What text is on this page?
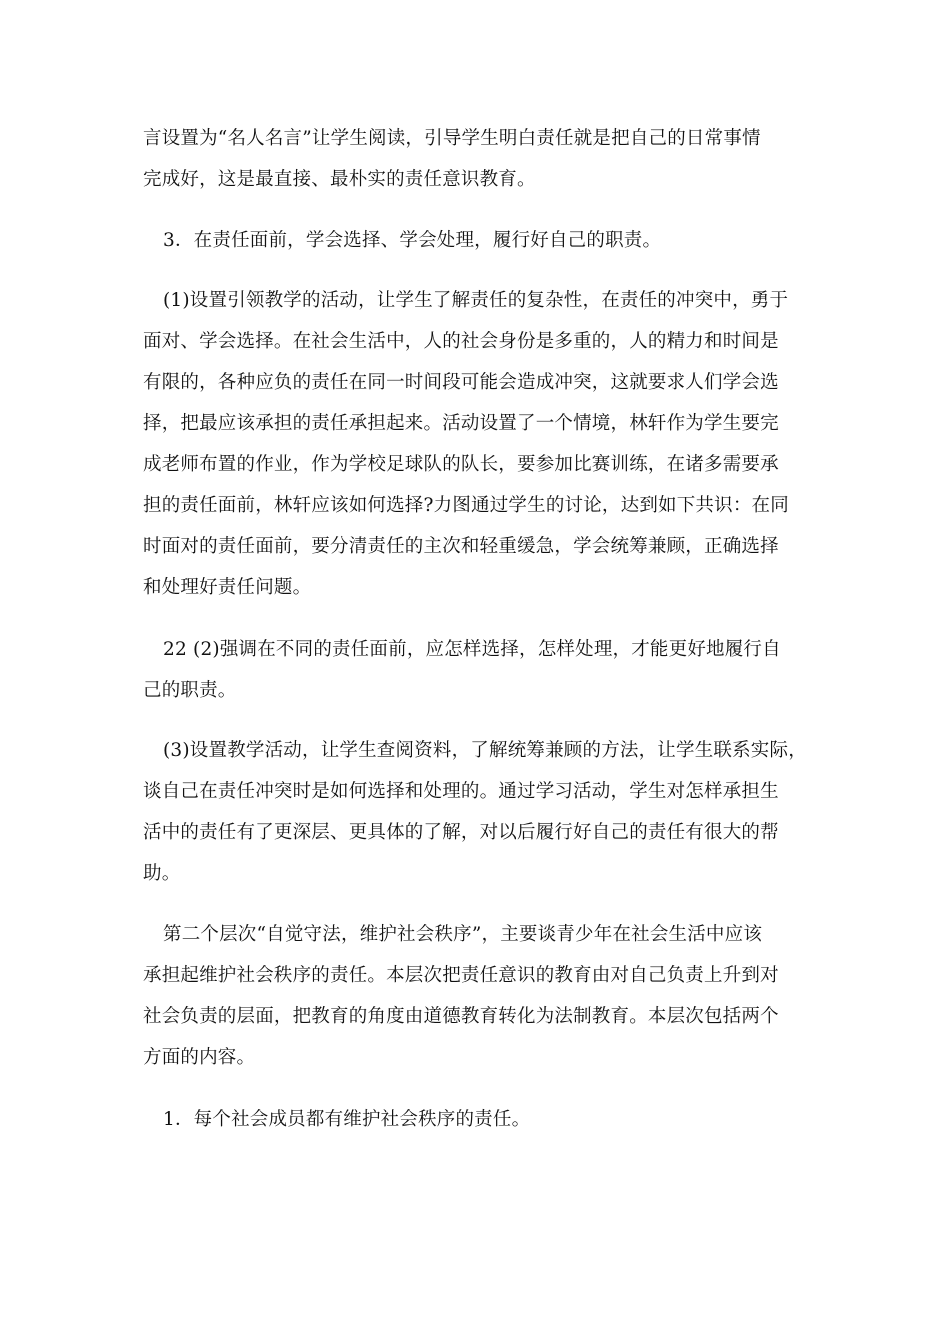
言设置为“名人名言”让学生阅读，引导学生明白责任就是把自己的日常事情
完成好，这是最直接、最朴实的责任意识教育。
3．在责任面前，学会选择、学会处理，履行好自己的职责。
(1)设置引领教学的活动，让学生了解责任的复杂性，在责任的冲突中，勇于
面对、学会选择。在社会生活中，人的社会身份是多重的，人的精力和时间是
有限的，各种应负的责任在同一时间段可能会造成冲突，这就要求人们学会选
择，把最应该承担的责任承担起来。活动设置了一个情境，林轩作为学生要完
成老师布置的作业，作为学校足球队的队长，要参加比赛训练，在诸多需要承
担的责任面前，林轩应该如何选择?力图通过学生的讨论，达到如下共识：在同
时面对的责任面前，要分清责任的主次和轻重缓急，学会统筹兼顾，正确选择
和处理好责任问题。
22 (2)强调在不同的责任面前，应怎样选择，怎样处理，才能更好地履行自
己的职责。
(3)设置教学活动，让学生查阅资料，了解统筹兼顾的方法，让学生联系实际，
谈自己在责任冲突时是如何选择和处理的。通过学习活动，学生对怎样承担生
活中的责任有了更深层、更具体的了解，对以后履行好自己的责任有很大的帮
助。
第二个层次“自觉守法，维护社会秩序”，主要谈青少年在社会生活中应该
承担起维护社会秩序的责任。本层次把责任意识的教育由对自己负责上升到对
社会负责的层面，把教育的角度由道德教育转化为法制教育。本层次包括两个
方面的内容。
1．每个社会成员都有维护社会秩序的责任。
